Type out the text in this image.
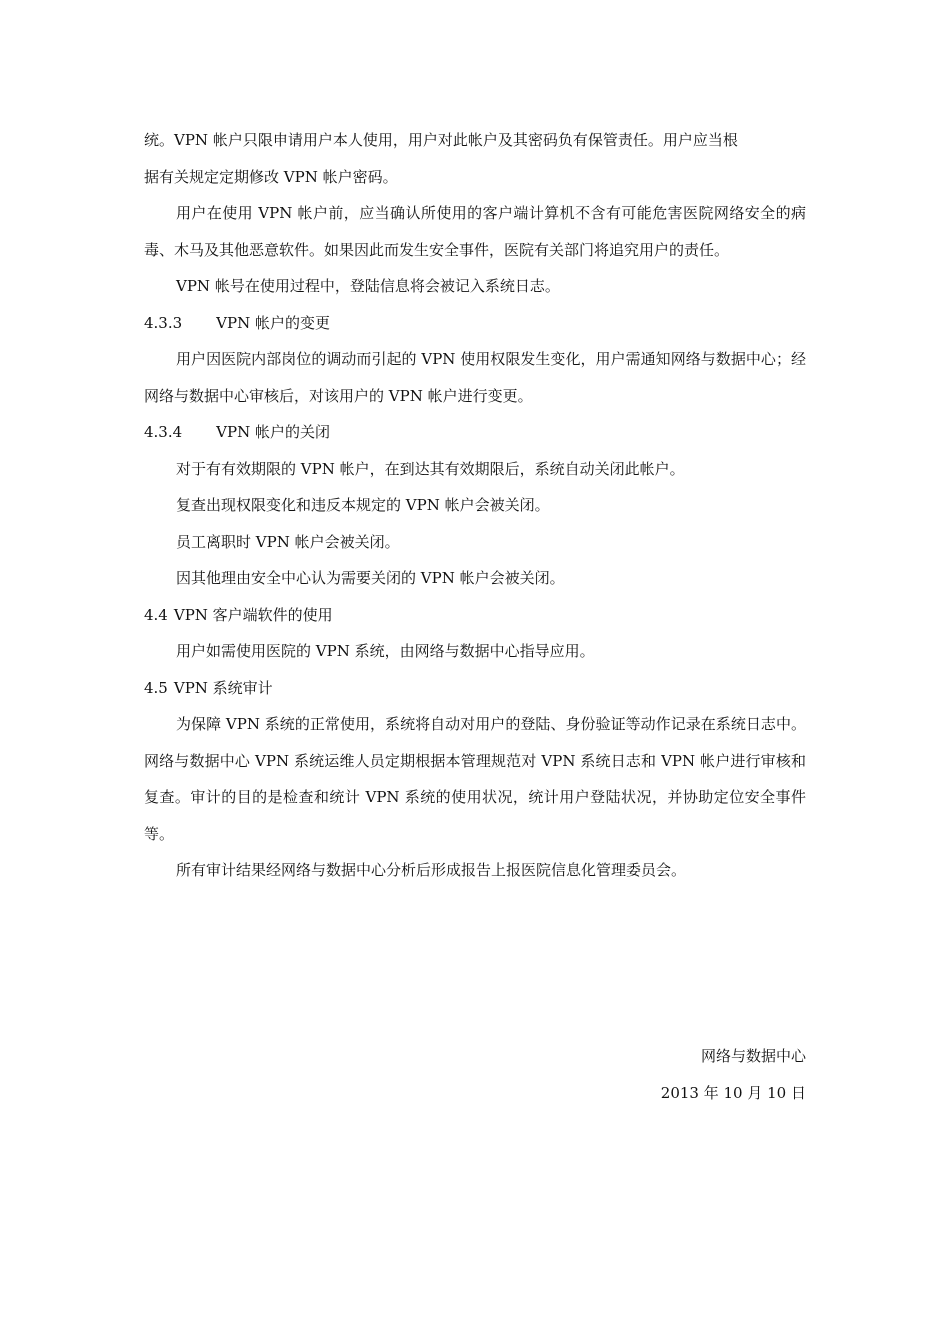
统。VPN 帐户只限申请用户本人使用，用户对此帐户及其密码负有保管责任。用户应当根
据有关规定定期修改 VPN 帐户密码。

用户在使用 VPN 帐户前，应当确认所使用的客户端计算机不含有可能危害医院网络安全的病毒、木马及其他恶意软件。如果因此而发生安全事件，医院有关部门将追究用户的责任。

VPN 帐号在使用过程中，登陆信息将会被记入系统日志。

4.3.3 VPN 帐户的变更

用户因医院内部岗位的调动而引起的 VPN 使用权限发生变化，用户需通知网络与数据中心；经网络与数据中心审核后，对该用户的 VPN 帐户进行变更。

4.3.4 VPN 帐户的关闭

对于有有效期限的 VPN 帐户，在到达其有效期限后，系统自动关闭此帐户。

复查出现权限变化和违反本规定的 VPN 帐户会被关闭。

员工离职时 VPN 帐户会被关闭。

因其他理由安全中心认为需要关闭的 VPN 帐户会被关闭。

4.4 VPN 客户端软件的使用

用户如需使用医院的 VPN 系统，由网络与数据中心指导应用。

4.5 VPN 系统审计

为保障 VPN 系统的正常使用，系统将自动对用户的登陆、身份验证等动作记录在系统日志中。网络与数据中心 VPN 系统运维人员定期根据本管理规范对 VPN 系统日志和 VPN 帐户进行审核和复查。审计的目的是检查和统计 VPN 系统的使用状况，统计用户登陆状况，并协助定位安全事件等。

所有审计结果经网络与数据中心分析后形成报告上报医院信息化管理委员会。

网络与数据中心
2013 年 10 月 10 日
